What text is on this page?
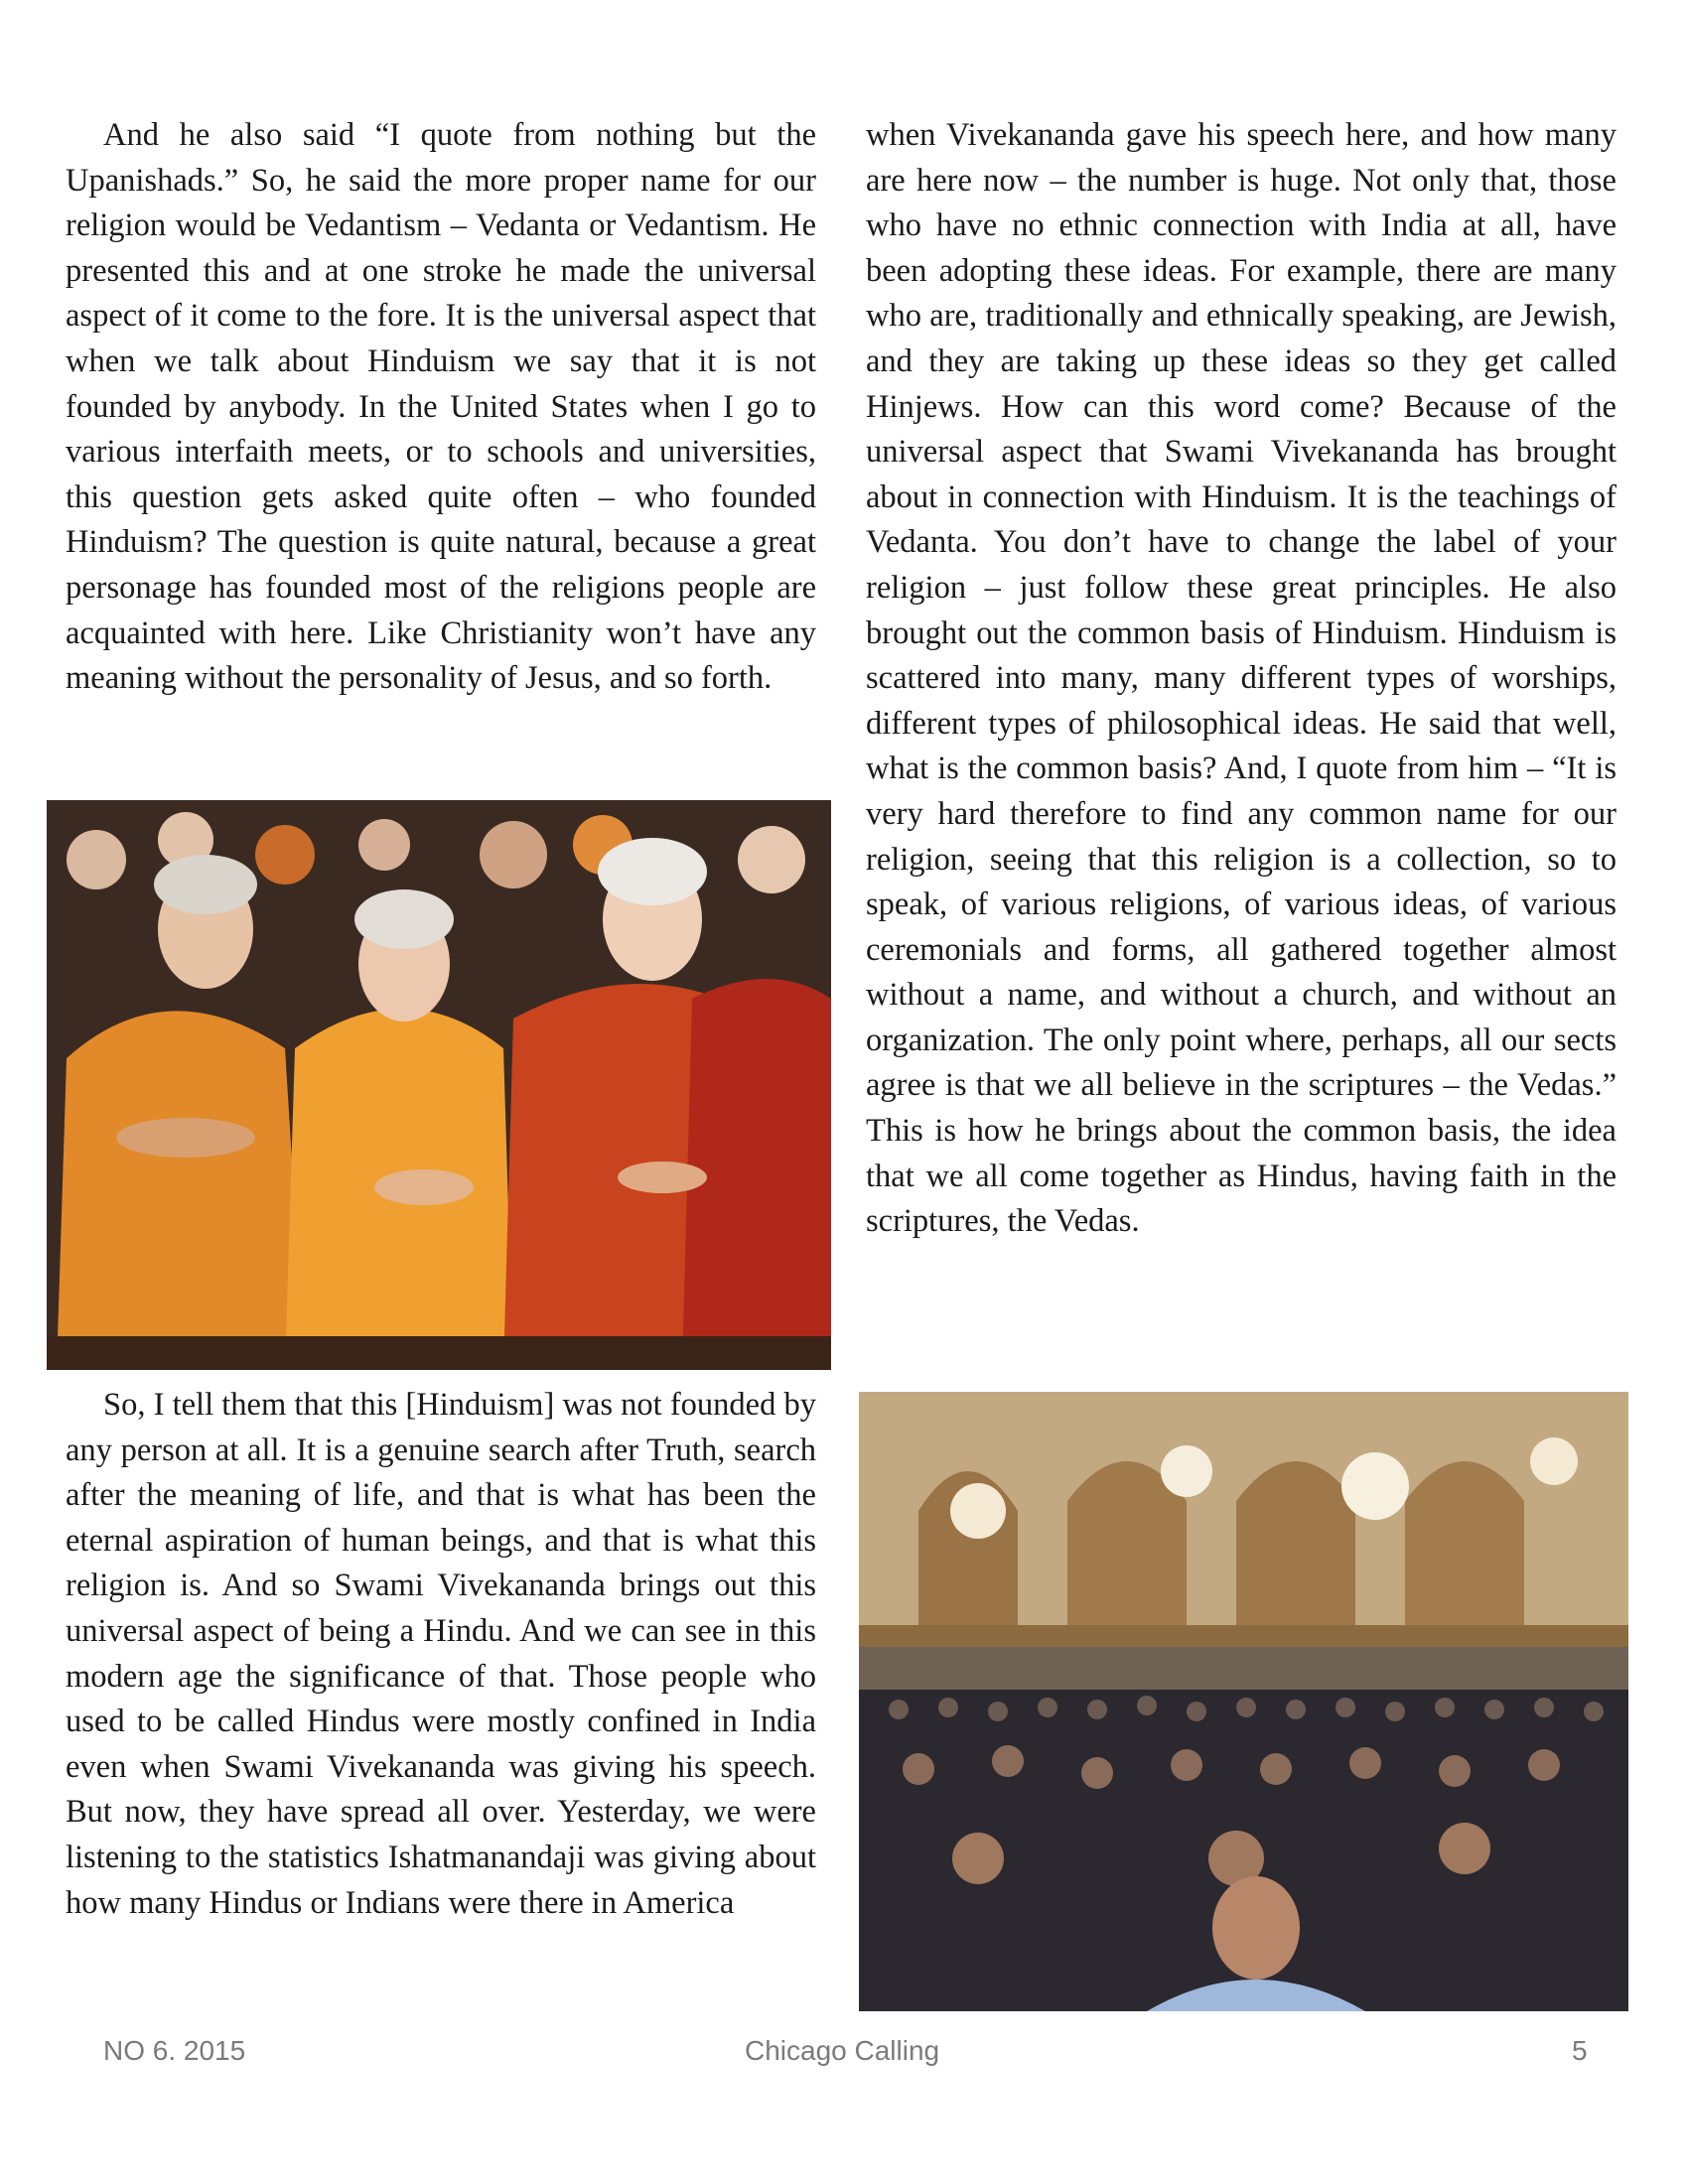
And he also said “I quote from nothing but the Upanishads.” So, he said the more proper name for our religion would be Vedantism – Vedanta or Vedantism. He presented this and at one stroke he made the universal aspect of it come to the fore. It is the universal aspect that when we talk about Hinduism we say that it is not founded by anybody. In the United States when I go to various interfaith meets, or to schools and universities, this question gets asked quite often – who founded Hinduism? The question is quite natural, because a great personage has founded most of the religions people are acquainted with here. Like Christianity won’t have any meaning without the personality of Jesus, and so forth.

So, I tell them that this [Hinduism] was not founded by any person at all. It is a genuine search after Truth, search after the meaning of life, and that is what has been the eternal aspiration of human beings, and that is what this religion is. And so Swami Vivekananda brings out this universal aspect of being a Hindu. And we can see in this modern age the significance of that. Those people who used to be called Hindus were mostly confined in India even when Swami Vivekananda was giving his speech. But now, they have spread all over. Yesterday, we were listening to the statistics Ishatmanandaji was giving about how many Hindus or Indians were there in America

when Vivekananda gave his speech here, and how many are here now – the number is huge. Not only that, those who have no ethnic connection with India at all, have been adopting these ideas. For example, there are many who are, traditionally and ethnically speaking, are Jewish, and they are taking up these ideas so they get called Hinjews. How can this word come? Because of the universal aspect that Swami Vivekananda has brought about in connection with Hinduism. It is the teachings of Vedanta. You don’t have to change the label of your religion – just follow these great principles. He also brought out the common basis of Hinduism. Hinduism is scattered into many, many different types of worships, different types of philosophical ideas. He said that well, what is the common basis? And, I quote from him – “It is very hard therefore to find any common name for our religion, seeing that this religion is a collection, so to speak, of various religions, of various ideas, of various ceremonials and forms, all gathered together almost without a name, and without a church, and without an organization. The only point where, perhaps, all our sects agree is that we all believe in the scriptures – the Vedas.” This is how he brings about the common basis, the idea that we all come together as Hindus, having faith in the scriptures, the Vedas.

NO 6. 2015	Chicago Calling	5
